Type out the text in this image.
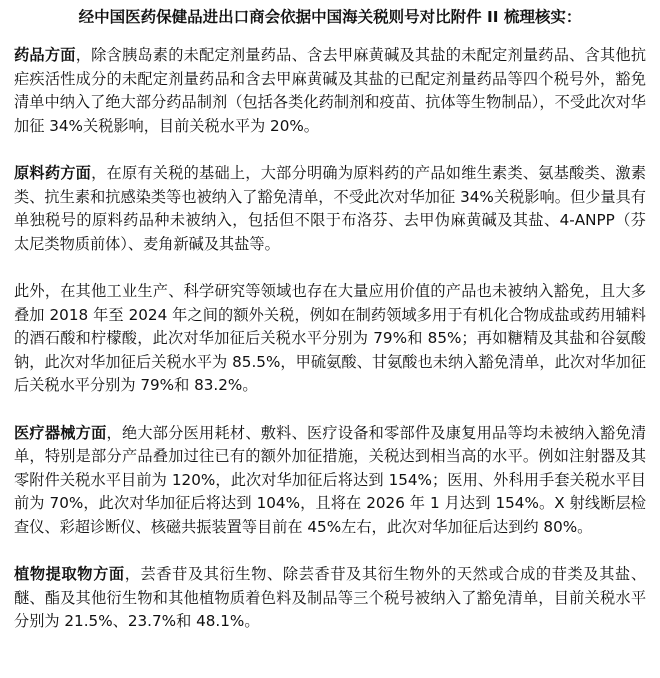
经中国医药保健品进出口商会依据中国海关税则号对比附件 II 梳理核实：

药品方面，除含胰岛素的未配定剂量药品、含去甲麻黄碱及其盐的未配定剂量药品、含其他抗疟疾活性成分的未配定剂量药品和含去甲麻黄碱及其盐的已配定剂量药品等四个税号外，豁免清单中纳入了绝大部分药品制剂（包括各类化药制剂和疫苗、抗体等生物制品），不受此次对华加征 34%关税影响，目前关税水平为 20%。

原料药方面，在原有关税的基础上，大部分明确为原料药的产品如维生素类、氨基酸类、激素类、抗生素和抗感染类等也被纳入了豁免清单，不受此次对华加征 34%关税影响。但少量具有单独税号的原料药品种未被纳入，包括但不限于布洛芬、去甲伪麻黄碱及其盐、4-ANPP（芬太尼类物质前体）、麦角新碱及其盐等。

此外，在其他工业生产、科学研究等领域也存在大量应用价值的产品也未被纳入豁免，且大多叠加 2018 年至 2024 年之间的额外关税，例如在制药领域多用于有机化合物成盐或药用辅料的酒石酸和柠檬酸，此次对华加征后关税水平分别为 79%和 85%；再如糖精及其盐和谷氨酸钠，此次对华加征后关税水平为 85.5%，甲硫氨酸、甘氨酸也未纳入豁免清单，此次对华加征后关税水平分别为 79%和 83.2%。

医疗器械方面，绝大部分医用耗材、敷料、医疗设备和零部件及康复用品等均未被纳入豁免清单，特别是部分产品叠加过往已有的额外加征措施，关税达到相当高的水平。例如注射器及其零附件关税水平目前为 120%，此次对华加征后将达到 154%；医用、外科用手套关税水平目前为 70%，此次对华加征后将达到 104%，且将在 2026 年 1 月达到 154%。X 射线断层检查仪、彩超诊断仪、核磁共振装置等目前在 45%左右，此次对华加征后达到约 80%。

植物提取物方面，芸香苷及其衍生物、除芸香苷及其衍生物外的天然或合成的苷类及其盐、醚、酯及其他衍生物和其他植物质着色料及制品等三个税号被纳入了豁免清单，目前关税水平分别为 21.5%、23.7%和 48.1%。
